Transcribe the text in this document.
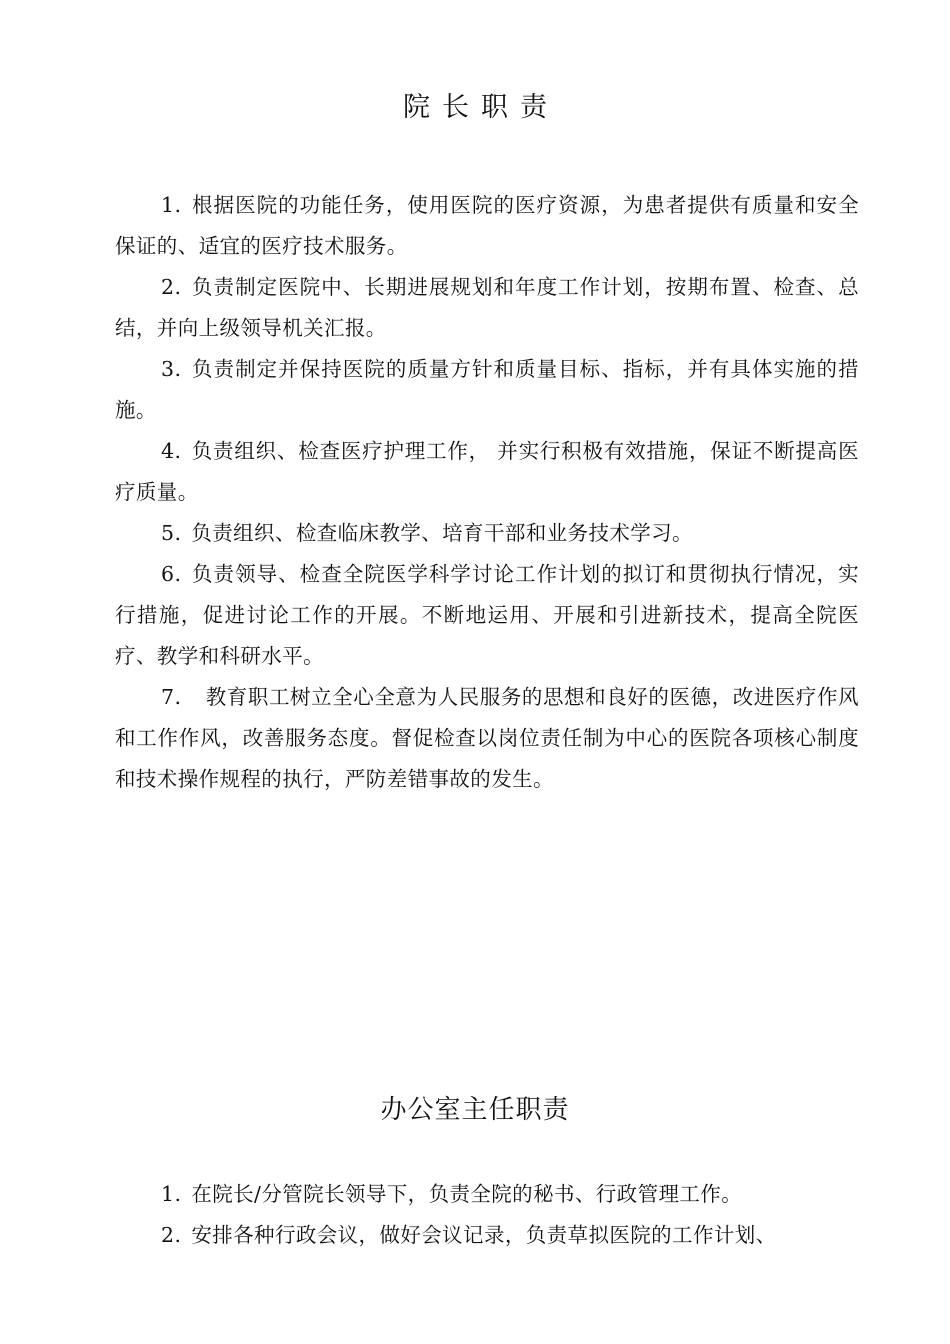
院长职责

1. 根据医院的功能任务，使用医院的医疗资源，为患者提供有质量和安全保证的、适宜的医疗技术服务。

2. 负责制定医院中、长期进展规划和年度工作计划，按期布置、检查、总结，并向上级领导机关汇报。

3. 负责制定并保持医院的质量方针和质量目标、指标，并有具体实施的措施。

4. 负责组织、检查医疗护理工作， 并实行积极有效措施，保证不断提高医疗质量。

5. 负责组织、检查临床教学、培育干部和业务技术学习。

6. 负责领导、检查全院医学科学讨论工作计划的拟订和贯彻执行情况，实行措施，促进讨论工作的开展。不断地运用、开展和引进新技术，提高全院医疗、教学和科研水平。

7． 教育职工树立全心全意为人民服务的思想和良好的医德，改进医疗作风和工作作风，改善服务态度。督促检查以岗位责任制为中心的医院各项核心制度和技术操作规程的执行，严防差错事故的发生。

办公室主任职责

1. 在院长/分管院长领导下，负责全院的秘书、行政管理工作。

2. 安排各种行政会议，做好会议记录，负责草拟医院的工作计划、
